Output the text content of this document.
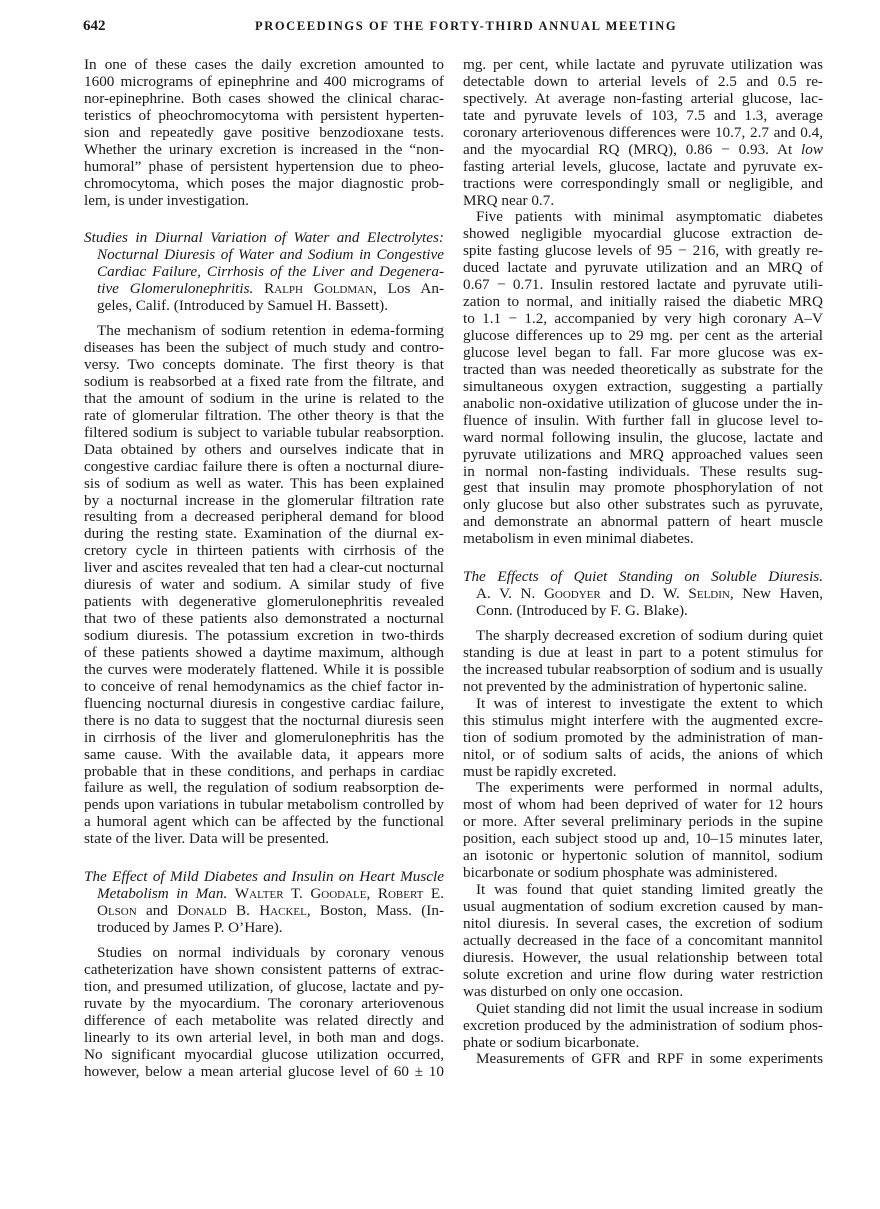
642	PROCEEDINGS OF THE FORTY-THIRD ANNUAL MEETING
In one of these cases the daily excretion amounted to
1600 micrograms of epinephrine and 400 micrograms of
nor-epinephrine. Both cases showed the clinical charac-
teristics of pheochromocytoma with persistent hyperten-
sion and repeatedly gave positive benzodioxane tests.
Whether the urinary excretion is increased in the “non-
humoral” phase of persistent hypertension due to pheo-
chromocytoma, which poses the major diagnostic prob-
lem, is under investigation.
Studies in Diurnal Variation of Water and Electrolytes:
Nocturnal Diuresis of Water and Sodium in Congestive
Cardiac Failure, Cirrhosis of the Liver and Degenera-
tive Glomerulonephritis. Ralph Goldman, Los An-
geles, Calif. (Introduced by Samuel H. Bassett).
The mechanism of sodium retention in edema-forming
diseases has been the subject of much study and contro-
versy. Two concepts dominate. The first theory is that
sodium is reabsorbed at a fixed rate from the filtrate, and
that the amount of sodium in the urine is related to the
rate of glomerular filtration. The other theory is that the
filtered sodium is subject to variable tubular reabsorption.
Data obtained by others and ourselves indicate that in
congestive cardiac failure there is often a nocturnal diure-
sis of sodium as well as water. This has been explained
by a nocturnal increase in the glomerular filtration rate
resulting from a decreased peripheral demand for blood
during the resting state. Examination of the diurnal ex-
cretory cycle in thirteen patients with cirrhosis of the
liver and ascites revealed that ten had a clear-cut nocturnal
diuresis of water and sodium. A similar study of five
patients with degenerative glomerulonephritis revealed
that two of these patients also demonstrated a nocturnal
sodium diuresis. The potassium excretion in two-thirds
of these patients showed a daytime maximum, although
the curves were moderately flattened. While it is possible
to conceive of renal hemodynamics as the chief factor in-
fluencing nocturnal diuresis in congestive cardiac failure,
there is no data to suggest that the nocturnal diuresis seen
in cirrhosis of the liver and glomerulonephritis has the
same cause. With the available data, it appears more
probable that in these conditions, and perhaps in cardiac
failure as well, the regulation of sodium reabsorption de-
pends upon variations in tubular metabolism controlled by
a humoral agent which can be affected by the functional
state of the liver. Data will be presented.
The Effect of Mild Diabetes and Insulin on Heart Muscle
Metabolism in Man. Walter T. Goodale, Robert E.
Olson and Donald B. Hackel, Boston, Mass. (In-
troduced by James P. O’Hare).
Studies on normal individuals by coronary venous
catheterization have shown consistent patterns of extrac-
tion, and presumed utilization, of glucose, lactate and py-
ruvate by the myocardium. The coronary arteriovenous
difference of each metabolite was related directly and
linearly to its own arterial level, in both man and dogs.
No significant myocardial glucose utilization occurred,
however, below a mean arterial glucose level of 60 ± 10
mg. per cent, while lactate and pyruvate utilization was
detectable down to arterial levels of 2.5 and 0.5 re-
spectively. At average non-fasting arterial glucose, lac-
tate and pyruvate levels of 103, 7.5 and 1.3, average
coronary arteriovenous differences were 10.7, 2.7 and 0.4,
and the myocardial RQ (MRQ), 0.86 − 0.93. At low
fasting arterial levels, glucose, lactate and pyruvate ex-
tractions were correspondingly small or negligible, and
MRQ near 0.7.
Five patients with minimal asymptomatic diabetes
showed negligible myocardial glucose extraction de-
spite fasting glucose levels of 95 − 216, with greatly re-
duced lactate and pyruvate utilization and an MRQ of
0.67 − 0.71. Insulin restored lactate and pyruvate utili-
zation to normal, and initially raised the diabetic MRQ
to 1.1 − 1.2, accompanied by very high coronary A–V
glucose differences up to 29 mg. per cent as the arterial
glucose level began to fall. Far more glucose was ex-
tracted than was needed theoretically as substrate for the
simultaneous oxygen extraction, suggesting a partially
anabolic non-oxidative utilization of glucose under the in-
fluence of insulin. With further fall in glucose level to-
ward normal following insulin, the glucose, lactate and
pyruvate utilizations and MRQ approached values seen
in normal non-fasting individuals. These results sug-
gest that insulin may promote phosphorylation of not
only glucose but also other substrates such as pyruvate,
and demonstrate an abnormal pattern of heart muscle
metabolism in even minimal diabetes.
The Effects of Quiet Standing on Soluble Diuresis.
A. V. N. Goodyer and D. W. Seldin, New Haven,
Conn. (Introduced by F. G. Blake).
The sharply decreased excretion of sodium during quiet
standing is due at least in part to a potent stimulus for
the increased tubular reabsorption of sodium and is usually
not prevented by the administration of hypertonic saline.
It was of interest to investigate the extent to which
this stimulus might interfere with the augmented excre-
tion of sodium promoted by the administration of man-
nitol, or of sodium salts of acids, the anions of which
must be rapidly excreted.
The experiments were performed in normal adults,
most of whom had been deprived of water for 12 hours
or more. After several preliminary periods in the supine
position, each subject stood up and, 10–15 minutes later,
an isotonic or hypertonic solution of mannitol, sodium
bicarbonate or sodium phosphate was administered.
It was found that quiet standing limited greatly the
usual augmentation of sodium excretion caused by man-
nitol diuresis. In several cases, the excretion of sodium
actually decreased in the face of a concomitant mannitol
diuresis. However, the usual relationship between total
solute excretion and urine flow during water restriction
was disturbed on only one occasion.
Quiet standing did not limit the usual increase in sodium
excretion produced by the administration of sodium phos-
phate or sodium bicarbonate.
Measurements of GFR and RPF in some experiments
